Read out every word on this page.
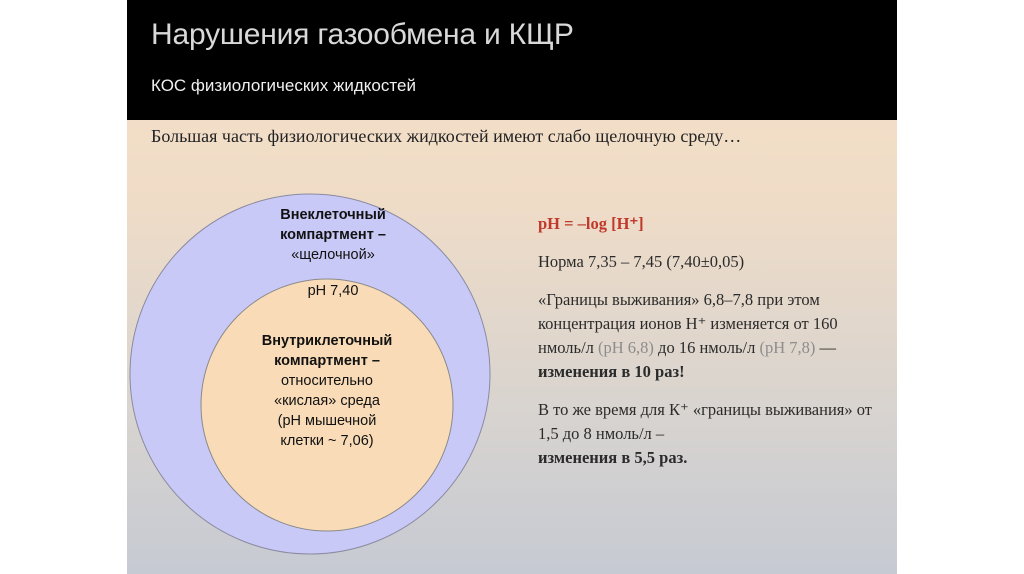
Нарушения газообмена и КЩР
КОС физиологических жидкостей
Большая часть физиологических жидкостей имеют слабо щелочную среду…
Внеклеточный
компартмент –
«щелочной»
pH 7,40
Внутриклеточный
компартмент –
относительно
«кислая» среда
(рН мышечной
клетки ~ 7,06)
pH = –log [H⁺]
Норма 7,35 – 7,45 (7,40±0,05)
«Границы выживания» 6,8–7,8 при этом концентрация ионов Н⁺ изменяется от 160 нмоль/л (рН 6,8) до 16 нмоль/л (рН 7,8) —
изменения в 10 раз!
В то же время для К⁺ «границы выживания» от 1,5 до 8 нмоль/л –
изменения в 5,5 раз.
